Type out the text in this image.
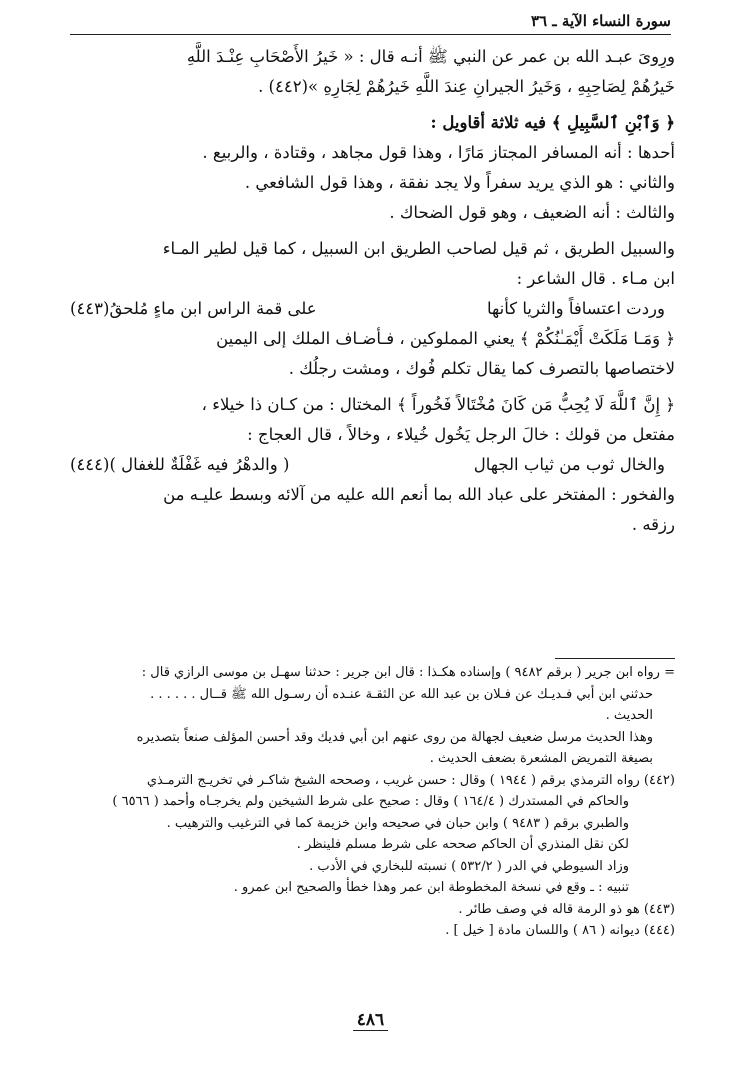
سورة النساء الآية ـ ٣٦

ورِوىَ عبـد الله بن عمر عن النبي ﷺ أنـه قال : « خَيرُ الأَصْحَابِ عِنْـدَ اللَّهِ

خَيرُهُمْ لِصَاحِبِهِ ، وَخَيرُ الجيرانِ عِندَ اللَّهِ خَيرُهُمْ لِجَارِهِ »(٤٤٢) .

﴿ وَٱبْنِ ٱلسَّبِيلِ ﴾ فيه ثلاثة أقاويل :

أحدها : أنه المسافر المجتاز مَارًا ، وهذا قول مجاهد ، وقتادة ، والربيع .

والثاني : هو الذي يريد سفراً ولا يجد نفقة ، وهذا قول الشافعي .

والثالث : أنه الضعيف ، وهو قول الضحاك .

والسبيل الطريق ، ثم قيل لصاحب الطريق ابن السبيل ، كما قيل لطير المـاء

ابن مـاء . قال الشاعر :

وردت اعتسافاً والثريا كأنها
على قمة الراس ابن ماءٍ مُلحقُ(٤٤٣)

﴿ وَمَـا مَلَكَتْ أَيْمَـٰنُكُمْ ﴾ يعني المملوكين ، فـأضـاف الملك إلى اليمين

لاختصاصها بالتصرف كما يقال تكلم فُوك ، ومشت رجلُك .

﴿ إِنَّ ٱللَّهَ لَا يُحِبُّ مَن كَانَ مُخْتَالاً فَخُوراً ﴾ المختال : من كـان ذا خيلاء ،

مفتعل من قولك : خالَ الرجل يَخُول خُيلاء ، وخالاً ، قال العجاج :

والخال ثوب من ثياب الجهال
( والدهْرُ فيه غَفْلَةٌ للغفال )(٤٤٤)

والفخور : المفتخر على عباد الله بما أنعم الله عليه من آلائه وبسط عليـه من

رزقه .

= رواه ابن جرير ( برقم ٩٤٨٢ ) وإسناده هكـذا : قال ابن جرير : حدثنا سهـل بن موسى الرازي قال :

حدثني ابن أبي فـديـك عن فـلان بن عبد الله عن الثقـة عنـده أن رسـول الله ﷺ قــال . . . . . .

الحديث .

وهذا الحديث مرسل ضعيف لجهالة من روى عنهم ابن أبي فديك وقد أحسن المؤلف صنعاً بتصديره

بصيغة التمريض المشعرة بضعف الحديث .

(٤٤٢) رواه الترمذي برقم ( ١٩٤٤ ) وقال : حسن غريب ، وصححه الشيخ شاكـر في تخريـج الترمـذي

والحاكم في المستدرك ( ١٦٤/٤ ) وقال : صحيح على شرط الشيخين ولم يخرجـاه وأحمد ( ٦٥٦٦ )

والطبري برقم ( ٩٤٨٣ ) وابن حبان في صحيحه وابن خزيمة كما في الترغيب والترهيب .

لكن نقل المنذري أن الحاكم صححه على شرط مسلم فلينظر .

وزاد السيوطي في الدر ( ٥٣٢/٢ ) نسبته للبخاري في الأدب .

تنبيه : ـ وقع في نسخة المخطوطة ابن عمر وهذا خطأ والصحيح ابن عمرو .

(٤٤٣) هو ذو الرمة قاله في وصف طائر .

(٤٤٤) ديوانه ( ٨٦ ) واللسان مادة [ خيل ] .

٤٨٦
